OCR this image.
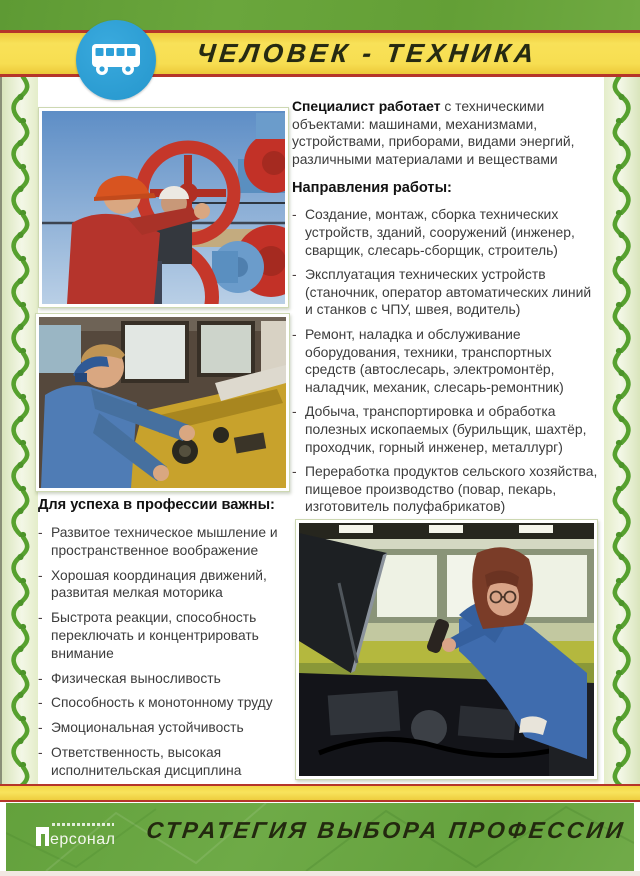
ЧЕЛОВЕК - ТЕХНИКА

Специалист работает с техническими объектами: машинами, механизмами, устройствами, приборами, видами энергий, различными материалами и веществами

Направления работы:
- Создание, монтаж, сборка технических устройств, зданий, сооружений (инженер, сварщик, слесарь-сборщик, строитель)
- Эксплуатация технических устройств (станочник, оператор автоматических линий и станков с ЧПУ, швея, водитель)
- Ремонт, наладка и обслуживание оборудования, техники, транспортных средств (автослесарь, электромонтёр, наладчик, механик, слесарь-ремонтник)
- Добыча, транспортировка и обработка полезных ископаемых (бурильщик, шахтёр, проходчик, горный инженер, металлург)
- Переработка продуктов сельского хозяйства, пищевое производство (повар, пекарь, изготовитель полуфабрикатов)
Для успеха в профессии важны:
- Развитое техническое мышление и пространственное воображение
- Хорошая координация движений, развитая мелкая моторика
- Быстрота реакции, способность переключать и концентрировать внимание
- Физическая выносливость
- Способность к монотонному труду
- Эмоциональная устойчивость
- Ответственность, высокая исполнительская дисциплина
ерсонал СТРАТЕГИЯ ВЫБОРА ПРОФЕССИИ
